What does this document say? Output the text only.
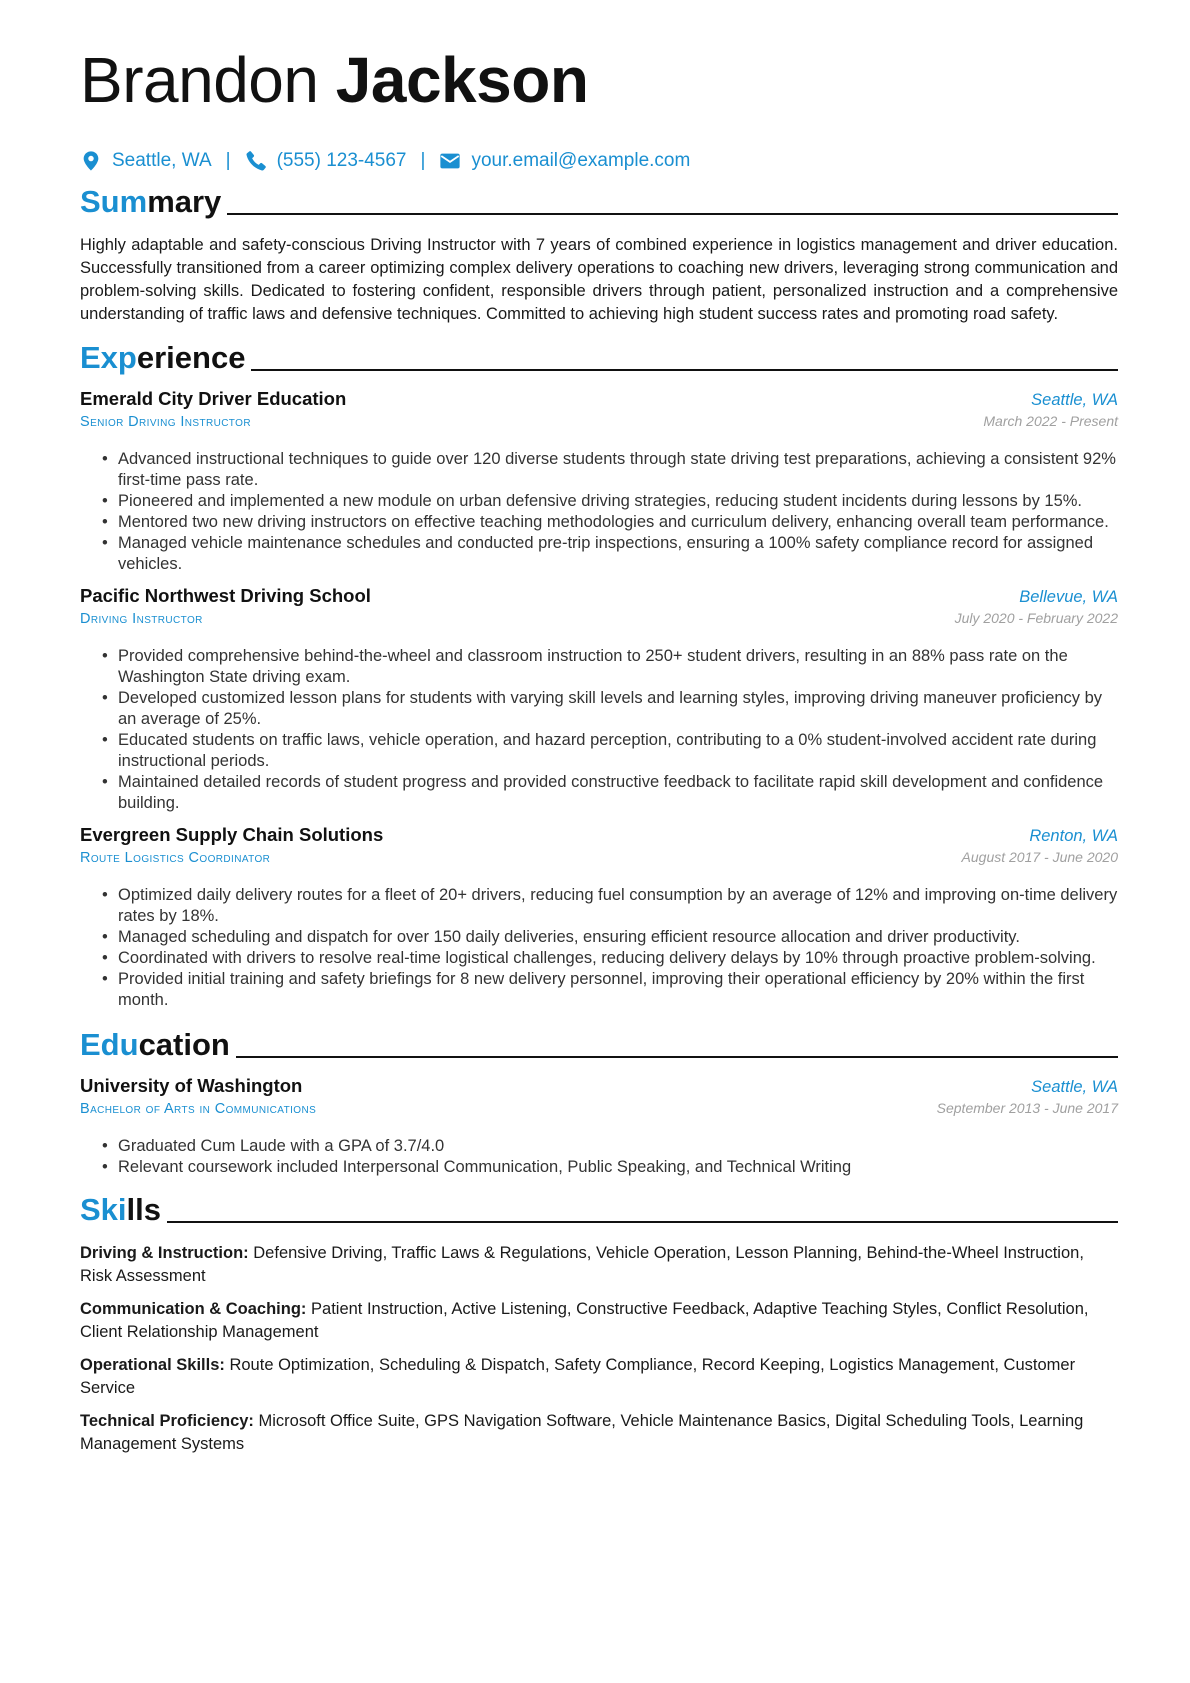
Brandon Jackson
Seattle, WA | (555) 123-4567 | your.email@example.com
Summary
Highly adaptable and safety-conscious Driving Instructor with 7 years of combined experience in logistics management and driver education. Successfully transitioned from a career optimizing complex delivery operations to coaching new drivers, leveraging strong communication and problem-solving skills. Dedicated to fostering confident, responsible drivers through patient, personalized instruction and a comprehensive understanding of traffic laws and defensive techniques. Committed to achieving high student success rates and promoting road safety.
Experience
Emerald City Driver Education	Seattle, WA
Senior Driving Instructor	March 2022 - Present
• Advanced instructional techniques to guide over 120 diverse students through state driving test preparations, achieving a consistent 92% first-time pass rate.
• Pioneered and implemented a new module on urban defensive driving strategies, reducing student incidents during lessons by 15%.
• Mentored two new driving instructors on effective teaching methodologies and curriculum delivery, enhancing overall team performance.
• Managed vehicle maintenance schedules and conducted pre-trip inspections, ensuring a 100% safety compliance record for assigned vehicles.
Pacific Northwest Driving School	Bellevue, WA
Driving Instructor	July 2020 - February 2022
• Provided comprehensive behind-the-wheel and classroom instruction to 250+ student drivers, resulting in an 88% pass rate on the Washington State driving exam.
• Developed customized lesson plans for students with varying skill levels and learning styles, improving driving maneuver proficiency by an average of 25%.
• Educated students on traffic laws, vehicle operation, and hazard perception, contributing to a 0% student-involved accident rate during instructional periods.
• Maintained detailed records of student progress and provided constructive feedback to facilitate rapid skill development and confidence building.
Evergreen Supply Chain Solutions	Renton, WA
Route Logistics Coordinator	August 2017 - June 2020
• Optimized daily delivery routes for a fleet of 20+ drivers, reducing fuel consumption by an average of 12% and improving on-time delivery rates by 18%.
• Managed scheduling and dispatch for over 150 daily deliveries, ensuring efficient resource allocation and driver productivity.
• Coordinated with drivers to resolve real-time logistical challenges, reducing delivery delays by 10% through proactive problem-solving.
• Provided initial training and safety briefings for 8 new delivery personnel, improving their operational efficiency by 20% within the first month.
Education
University of Washington	Seattle, WA
Bachelor of Arts in Communications	September 2013 - June 2017
• Graduated Cum Laude with a GPA of 3.7/4.0
• Relevant coursework included Interpersonal Communication, Public Speaking, and Technical Writing
Skills
Driving & Instruction: Defensive Driving, Traffic Laws & Regulations, Vehicle Operation, Lesson Planning, Behind-the-Wheel Instruction, Risk Assessment
Communication & Coaching: Patient Instruction, Active Listening, Constructive Feedback, Adaptive Teaching Styles, Conflict Resolution, Client Relationship Management
Operational Skills: Route Optimization, Scheduling & Dispatch, Safety Compliance, Record Keeping, Logistics Management, Customer Service
Technical Proficiency: Microsoft Office Suite, GPS Navigation Software, Vehicle Maintenance Basics, Digital Scheduling Tools, Learning Management Systems
